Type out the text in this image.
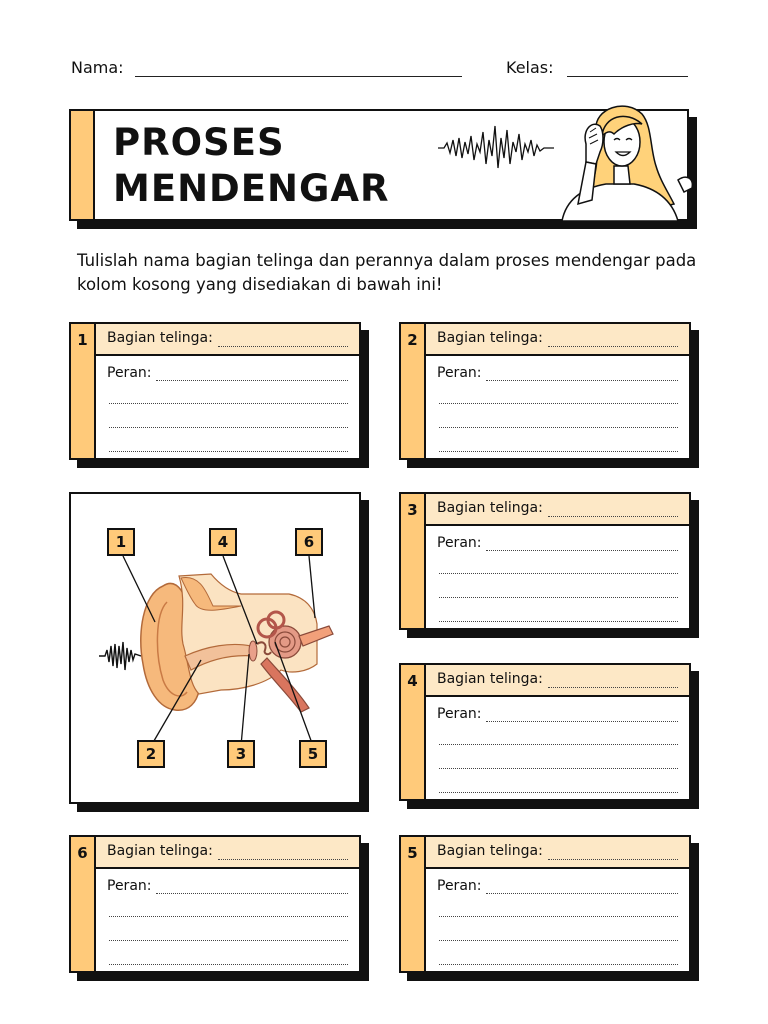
Nama:	Kelas:
PROSES
MENDENGAR
Tulislah nama bagian telinga dan perannya dalam proses mendengar pada kolom kosong yang disediakan di bawah ini!
1	Bagian telinga:
Peran:
2	Bagian telinga:
Peran:
3	Bagian telinga:
Peran:
4	Bagian telinga:
Peran:
6	Bagian telinga:
Peran:
5	Bagian telinga:
Peran:
1	4	6
2	3	5
